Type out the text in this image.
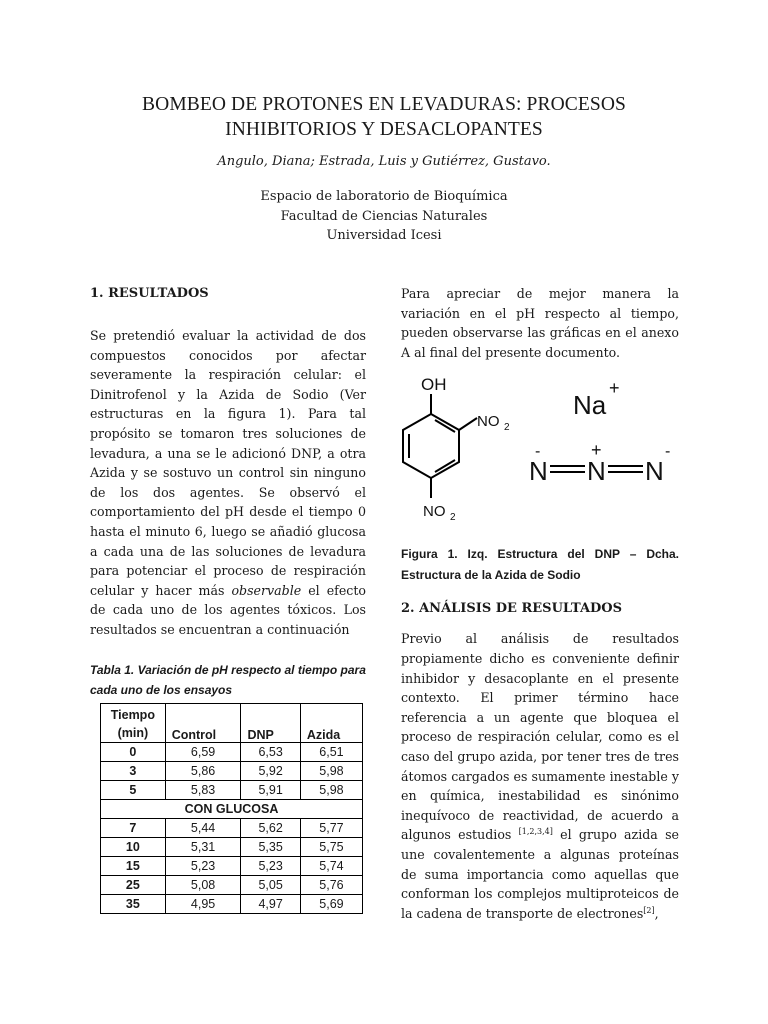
BOMBEO DE PROTONES EN LEVADURAS: PROCESOS
INHIBITORIOS Y DESACLOPANTES
Angulo, Diana; Estrada, Luis y Gutiérrez, Gustavo.
Espacio de laboratorio de Bioquímica
Facultad de Ciencias Naturales
Universidad Icesi

1. RESULTADOS

Se pretendió evaluar la actividad de dos compuestos conocidos por afectar severamente la respiración celular: el Dinitrofenol y la Azida de Sodio (Ver estructuras en la figura 1). Para tal propósito se tomaron tres soluciones de levadura, a una se le adicionó DNP, a otra Azida y se sostuvo un control sin ninguno de los dos agentes. Se observó el comportamiento del pH desde el tiempo 0 hasta el minuto 6, luego se añadió glucosa a cada una de las soluciones de levadura para potenciar el proceso de respiración celular y hacer más observable el efecto de cada uno de los agentes tóxicos. Los resultados se encuentran a continuación

Tabla 1. Variación de pH respecto al tiempo para cada uno de los ensayos

Tiempo (min)	Control	DNP	Azida
0	6,59	6,53	6,51
3	5,86	5,92	5,98
5	5,83	5,91	5,98
CON GLUCOSA			
7	5,44	5,62	5,77
10	5,31	5,35	5,75
15	5,23	5,23	5,74
25	5,08	5,05	5,76
35	4,95	4,97	5,69

Para apreciar de mejor manera la variación en el pH respecto al tiempo, pueden observarse las gráficas en el anexo A al final del presente documento.

OH
NO 2
NO 2
Na
+
N N N
-	+	-

Figura 1. Izq. Estructura del DNP – Dcha. Estructura de la Azida de Sodio

2. ANÁLISIS DE RESULTADOS

Previo al análisis de resultados propiamente dicho es conveniente definir inhibidor y desacoplante en el presente contexto. El primer término hace referencia a un agente que bloquea el proceso de respiración celular, como es el caso del grupo azida, por tener tres de tres átomos cargados es sumamente inestable y en química, inestabilidad es sinónimo inequívoco de reactividad, de acuerdo a algunos estudios [1,2,3,4] el grupo azida se une covalentemente a algunas proteínas de suma importancia como aquellas que conforman los complejos multiproteicos de la cadena de transporte de electrones[2],
